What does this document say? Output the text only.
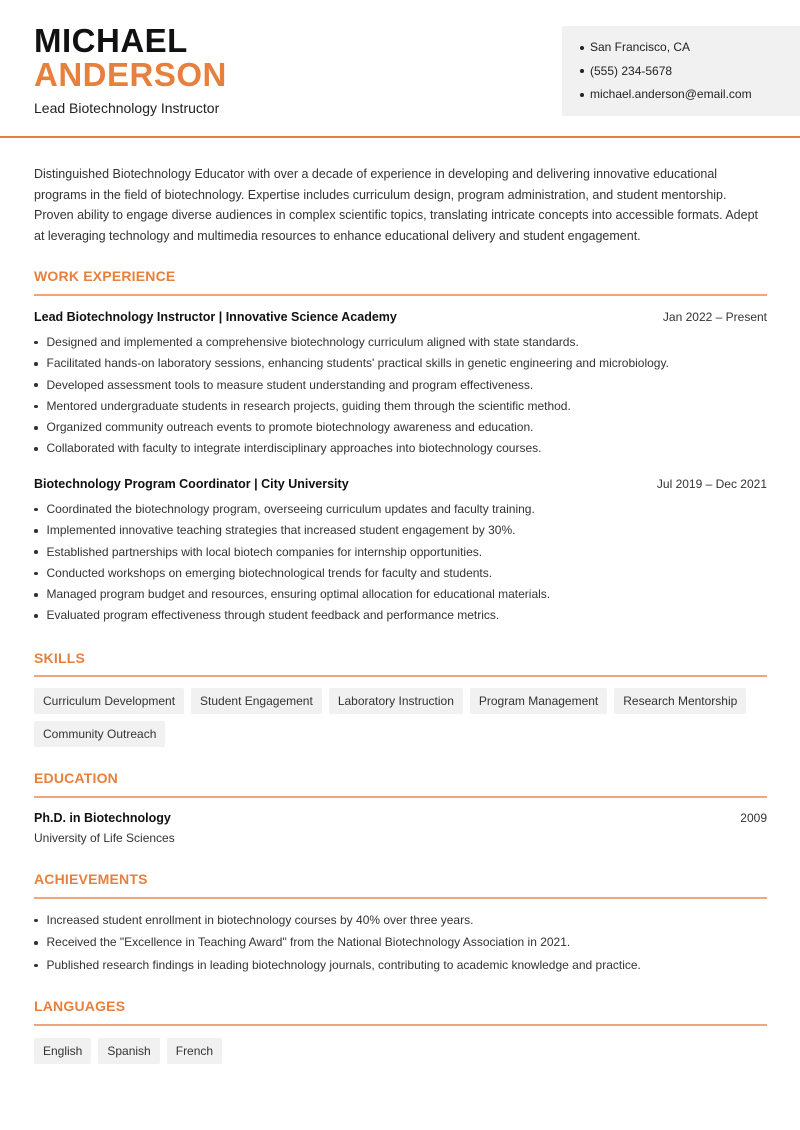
MICHAEL
ANDERSON
Lead Biotechnology Instructor
San Francisco, CA
(555) 234-5678
michael.anderson@email.com

Distinguished Biotechnology Educator with over a decade of experience in developing and delivering innovative educational programs in the field of biotechnology. Expertise includes curriculum design, program administration, and student mentorship. Proven ability to engage diverse audiences in complex scientific topics, translating intricate concepts into accessible formats. Adept at leveraging technology and multimedia resources to enhance educational delivery and student engagement.

WORK EXPERIENCE
Lead Biotechnology Instructor | Innovative Science Academy	Jan 2022 – Present
Designed and implemented a comprehensive biotechnology curriculum aligned with state standards.
Facilitated hands-on laboratory sessions, enhancing students' practical skills in genetic engineering and microbiology.
Developed assessment tools to measure student understanding and program effectiveness.
Mentored undergraduate students in research projects, guiding them through the scientific method.
Organized community outreach events to promote biotechnology awareness and education.
Collaborated with faculty to integrate interdisciplinary approaches into biotechnology courses.
Biotechnology Program Coordinator | City University	Jul 2019 – Dec 2021
Coordinated the biotechnology program, overseeing curriculum updates and faculty training.
Implemented innovative teaching strategies that increased student engagement by 30%.
Established partnerships with local biotech companies for internship opportunities.
Conducted workshops on emerging biotechnological trends for faculty and students.
Managed program budget and resources, ensuring optimal allocation for educational materials.
Evaluated program effectiveness through student feedback and performance metrics.
SKILLS
Curriculum Development	Student Engagement	Laboratory Instruction	Program Management	Research Mentorship
Community Outreach
EDUCATION
Ph.D. in Biotechnology
University of Life Sciences
2009
ACHIEVEMENTS
Increased student enrollment in biotechnology courses by 40% over three years.
Received the "Excellence in Teaching Award" from the National Biotechnology Association in 2021.
Published research findings in leading biotechnology journals, contributing to academic knowledge and practice.
LANGUAGES
English	Spanish	French
